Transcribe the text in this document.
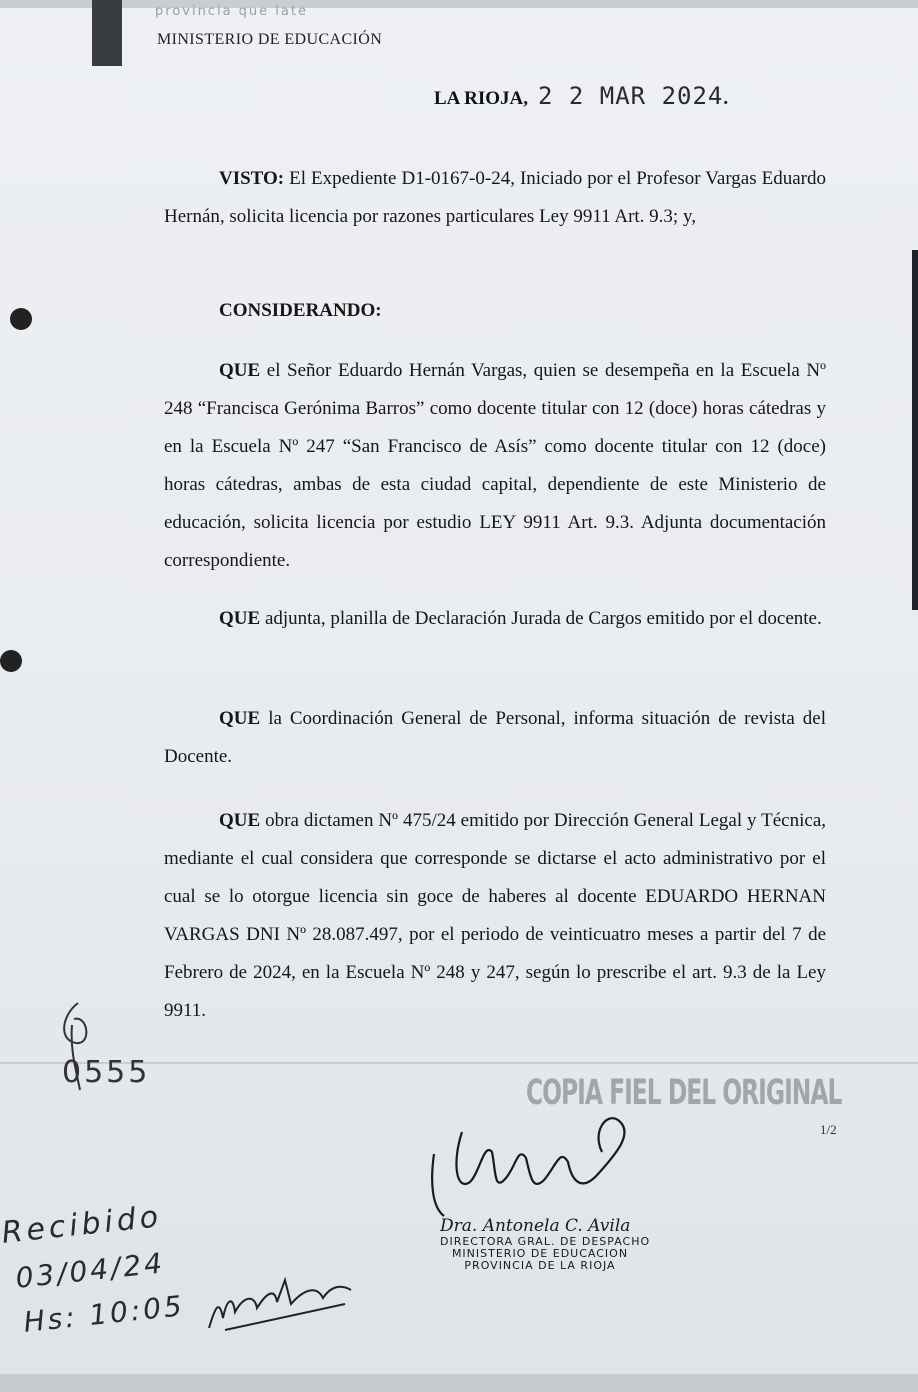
provincia que late
MINISTERIO DE EDUCACIÓN
LA RIOJA, 2 2 MAR 2024.
VISTO: El Expediente D1-0167-0-24, Iniciado por el Profesor Vargas Eduardo Hernán, solicita licencia por razones particulares Ley 9911 Art. 9.3; y,
CONSIDERANDO:
QUE el Señor Eduardo Hernán Vargas, quien se desempeña en la Escuela Nº 248 “Francisca Gerónima Barros” como docente titular con 12 (doce) horas cátedras y en la Escuela Nº 247 “San Francisco de Asís” como docente titular con 12 (doce) horas cátedras, ambas de esta ciudad capital, dependiente de este Ministerio de educación, solicita licencia por estudio LEY 9911 Art. 9.3. Adjunta documentación correspondiente.
QUE adjunta, planilla de Declaración Jurada de Cargos emitido por el docente.
QUE la Coordinación General de Personal, informa situación de revista del Docente.
QUE obra dictamen Nº 475/24 emitido por Dirección General Legal y Técnica, mediante el cual considera que corresponde se dictarse el acto administrativo por el cual se lo otorgue licencia sin goce de haberes al docente EDUARDO HERNAN VARGAS DNI Nº 28.087.497, por el periodo de veinticuatro meses a partir del 7 de Febrero de 2024, en la Escuela Nº 248 y 247, según lo prescribe el art. 9.3 de la Ley 9911.
0555
COPIA FIEL DEL ORIGINAL
1/2
Dra. Antonela C. Avila
DIRECTORA GRAL. DE DESPACHO
MINISTERIO DE EDUCACION
PROVINCIA DE LA RIOJA
Recibido
03/04/24
Hs: 10:05
